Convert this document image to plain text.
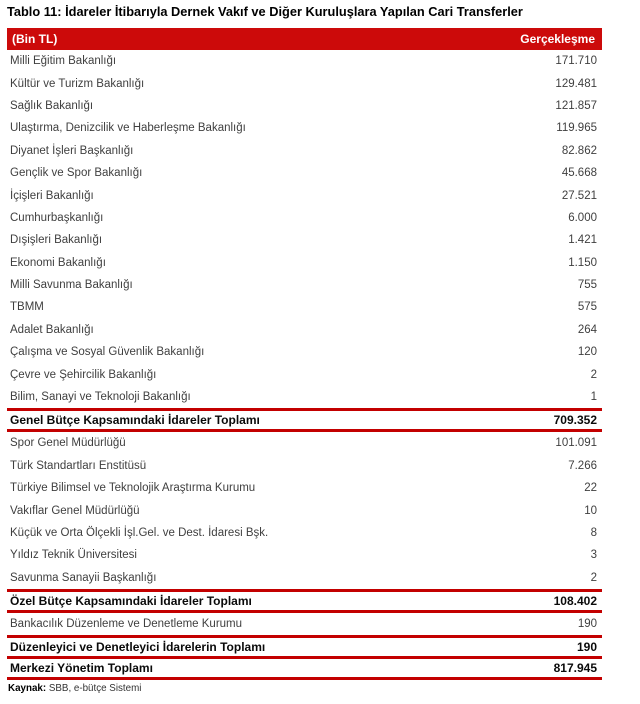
Tablo 11: İdareler İtibarıyla Dernek Vakıf ve Diğer Kuruluşlara Yapılan Cari Transferler
(Bin TL)	Gerçekleşme
Milli Eğitim Bakanlığı	171.710
Kültür ve Turizm Bakanlığı	129.481
Sağlık Bakanlığı	121.857
Ulaştırma, Denizcilik ve Haberleşme Bakanlığı	119.965
Diyanet İşleri Başkanlığı	82.862
Gençlik ve Spor Bakanlığı	45.668
İçişleri Bakanlığı	27.521
Cumhurbaşkanlığı	6.000
Dışişleri Bakanlığı	1.421
Ekonomi Bakanlığı	1.150
Milli Savunma Bakanlığı	755
TBMM	575
Adalet Bakanlığı	264
Çalışma ve Sosyal Güvenlik Bakanlığı	120
Çevre ve Şehircilik Bakanlığı	2
Bilim, Sanayi ve Teknoloji Bakanlığı	1
Genel Bütçe Kapsamındaki İdareler Toplamı	709.352
Spor Genel Müdürlüğü	101.091
Türk Standartları Enstitüsü	7.266
Türkiye Bilimsel ve Teknolojik Araştırma Kurumu	22
Vakıflar Genel Müdürlüğü	10
Küçük ve Orta Ölçekli İşl.Gel. ve Dest. İdaresi Bşk.	8
Yıldız Teknik Üniversitesi	3
Savunma Sanayii Başkanlığı	2
Özel Bütçe Kapsamındaki İdareler Toplamı	108.402
Bankacılık Düzenleme ve Denetleme Kurumu	190
Düzenleyici ve Denetleyici İdarelerin Toplamı	190
Merkezi Yönetim Toplamı	817.945
Kaynak: SBB, e-bütçe Sistemi
